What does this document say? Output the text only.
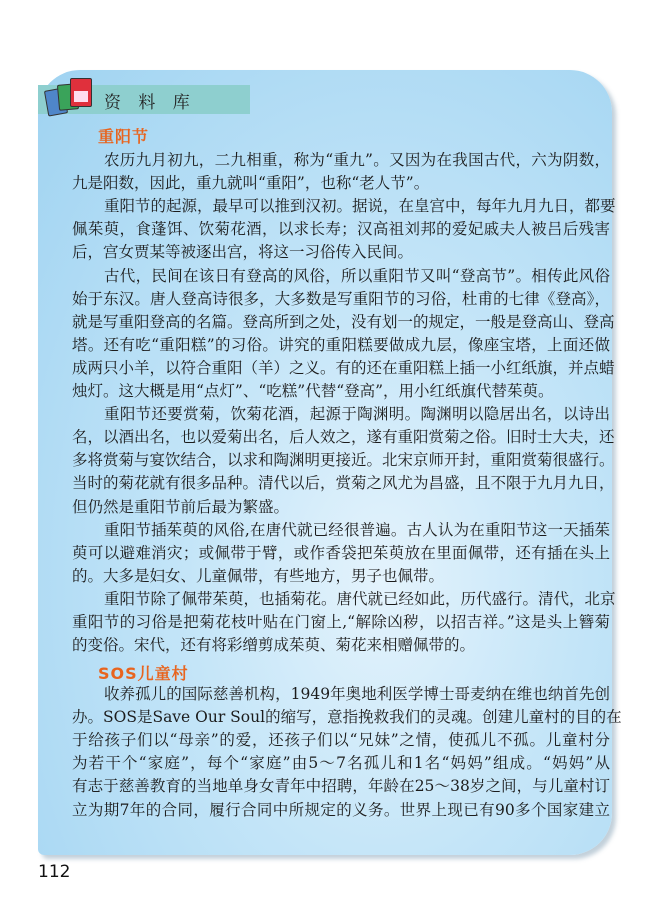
资 料 库
重阳节
农历九月初九，二九相重，称为“重九”。又因为在我国古代，六为阴数，
九是阳数，因此，重九就叫“重阳”，也称“老人节”。
重阳节的起源，最早可以推到汉初。据说，在皇宫中，每年九月九日，都要
佩茱萸，食蓬饵、饮菊花酒，以求长寿；汉高祖刘邦的爱妃戚夫人被吕后残害
后，宫女贾某等被逐出宫，将这一习俗传入民间。
古代，民间在该日有登高的风俗，所以重阳节又叫“登高节”。相传此风俗
始于东汉。唐人登高诗很多，大多数是写重阳节的习俗，杜甫的七律《登高》，
就是写重阳登高的名篇。登高所到之处，没有划一的规定，一般是登高山、登高
塔。还有吃“重阳糕”的习俗。讲究的重阳糕要做成九层，像座宝塔，上面还做
成两只小羊，以符合重阳（羊）之义。有的还在重阳糕上插一小红纸旗，并点蜡
烛灯。这大概是用“点灯”、“吃糕”代替“登高”，用小红纸旗代替茱萸。
重阳节还要赏菊，饮菊花酒，起源于陶渊明。陶渊明以隐居出名，以诗出
名，以酒出名，也以爱菊出名，后人效之，遂有重阳赏菊之俗。旧时士大夫，还
多将赏菊与宴饮结合，以求和陶渊明更接近。北宋京师开封，重阳赏菊很盛行。
当时的菊花就有很多品种。清代以后，赏菊之风尤为昌盛，且不限于九月九日，
但仍然是重阳节前后最为繁盛。
重阳节插茱萸的风俗,在唐代就已经很普遍。古人认为在重阳节这一天插茱
萸可以避难消灾；或佩带于臂，或作香袋把茱萸放在里面佩带，还有插在头上
的。大多是妇女、儿童佩带，有些地方，男子也佩带。
重阳节除了佩带茱萸，也插菊花。唐代就已经如此，历代盛行。清代，北京
重阳节的习俗是把菊花枝叶贴在门窗上,“解除凶秽，以招吉祥。”这是头上簪菊
的变俗。宋代，还有将彩缯剪成茱萸、菊花来相赠佩带的。
SOS儿童村
收养孤儿的国际慈善机构，1949年奥地利医学博士哥麦纳在维也纳首先创
办。SOS是Save Our Soul的缩写，意指挽救我们的灵魂。创建儿童村的目的在
于给孩子们以“母亲”的爱，还孩子们以“兄妹”之情，使孤儿不孤。儿童村分
为若干个“家庭”，每个“家庭”由5～7名孤儿和1名“妈妈”组成。“妈妈”从
有志于慈善教育的当地单身女青年中招聘，年龄在25～38岁之间，与儿童村订
立为期7年的合同，履行合同中所规定的义务。世界上现已有90多个国家建立
112
